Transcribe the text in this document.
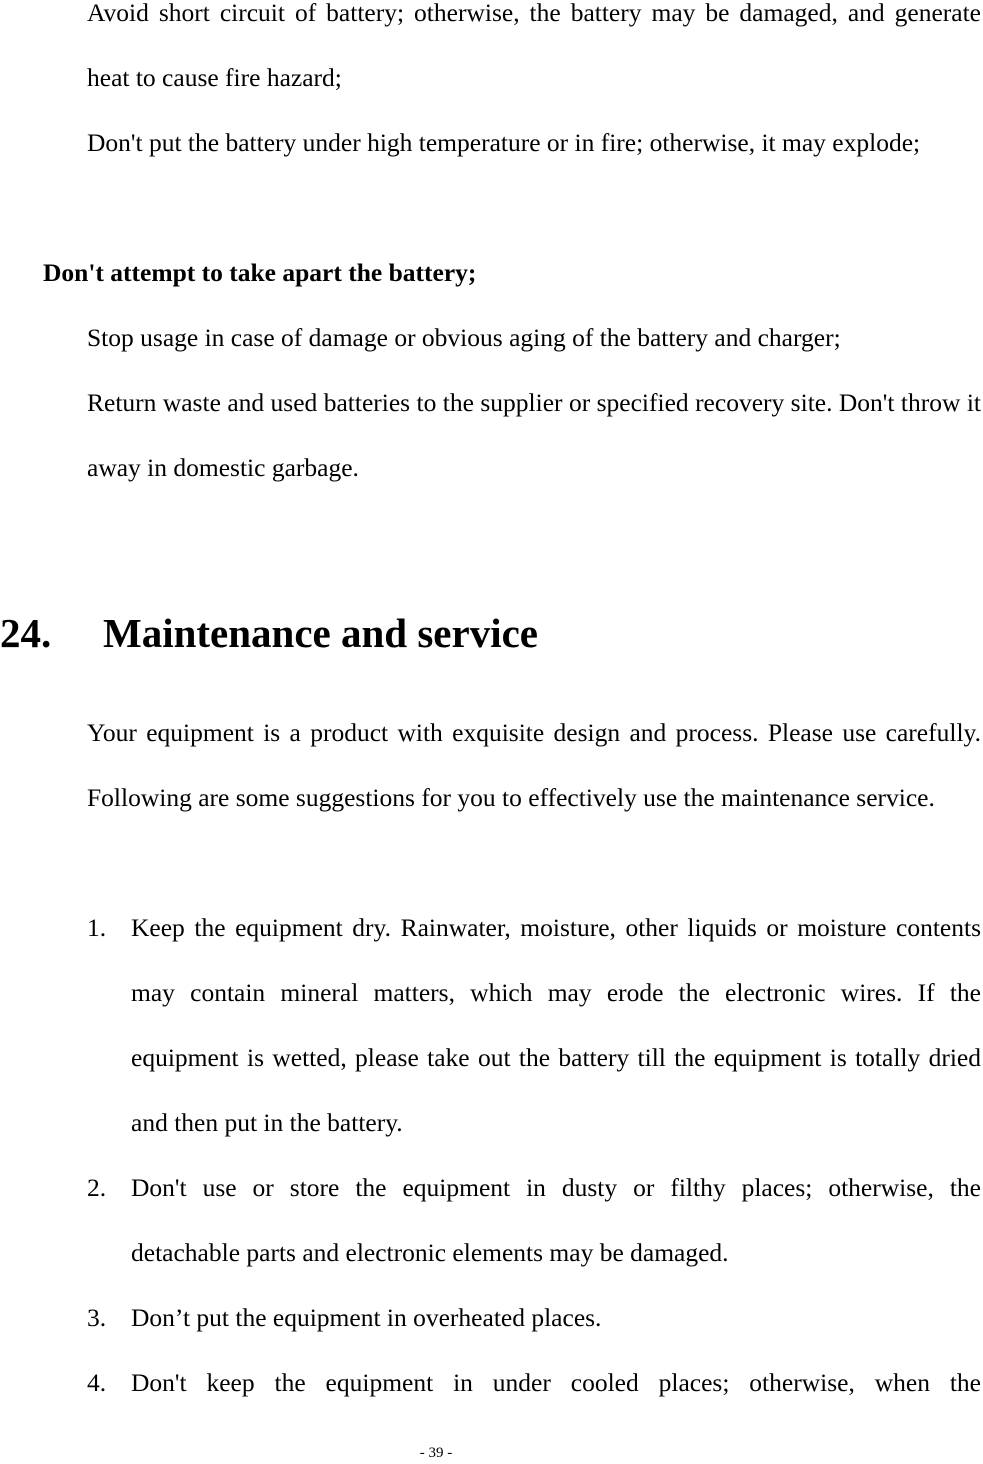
Avoid short circuit of battery; otherwise, the battery may be damaged, and generate heat to cause fire hazard;

Don't put the battery under high temperature or in fire; otherwise, it may explode;

Don't attempt to take apart the battery;

Stop usage in case of damage or obvious aging of the battery and charger;

Return waste and used batteries to the supplier or specified recovery site. Don't throw it away in domestic garbage.

24. Maintenance and service

Your equipment is a product with exquisite design and process. Please use carefully. Following are some suggestions for you to effectively use the maintenance service.

1. Keep the equipment dry. Rainwater, moisture, other liquids or moisture contents may contain mineral matters, which may erode the electronic wires. If the equipment is wetted, please take out the battery till the equipment is totally dried and then put in the battery.
2. Don't use or store the equipment in dusty or filthy places; otherwise, the detachable parts and electronic elements may be damaged.
3. Don’t put the equipment in overheated places.
4. Don't keep the equipment in under cooled places; otherwise, when the
- 39 -
